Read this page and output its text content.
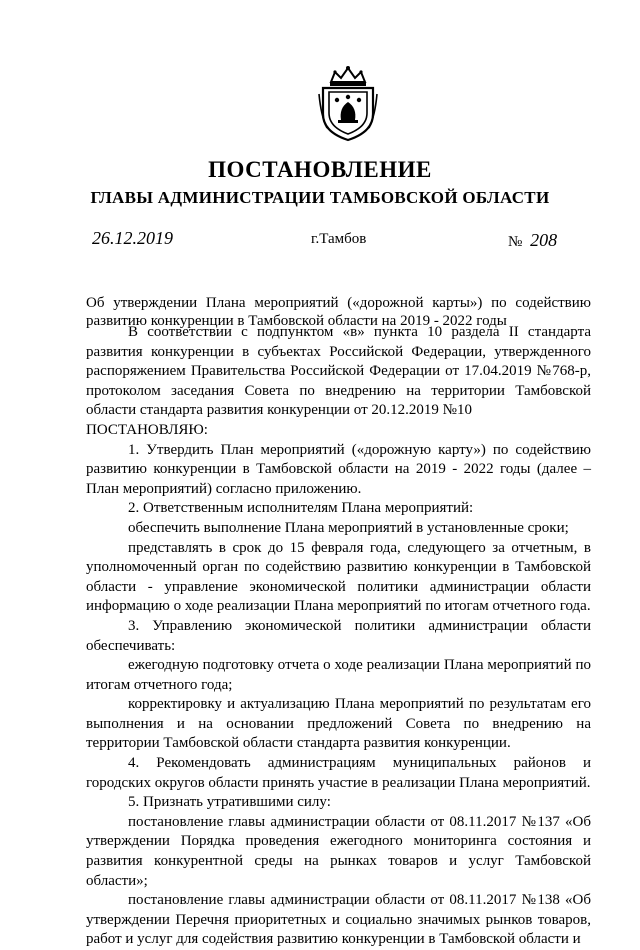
ПОСТАНОВЛЕНИЕ
ГЛАВЫ АДМИНИСТРАЦИИ ТАМБОВСКОЙ ОБЛАСТИ
26.12.2019	г.Тамбов	№ 208

Об утверждении Плана мероприятий («дорожной карты») по содействию развитию конкуренции в Тамбовской области на 2019 - 2022 годы

В соответствии с подпунктом «в» пункта 10 раздела II стандарта развития конкуренции в субъектах Российской Федерации, утвержденного распоряжением Правительства Российской Федерации от 17.04.2019 №768-р, протоколом заседания Совета по внедрению на территории Тамбовской области стандарта развития конкуренции от 20.12.2019 №10

ПОСТАНОВЛЯЮ:

1. Утвердить План мероприятий («дорожную карту») по содействию развитию конкуренции в Тамбовской области на 2019 - 2022 годы (далее – План мероприятий) согласно приложению.

2. Ответственным исполнителям Плана мероприятий:

обеспечить выполнение Плана мероприятий в установленные сроки;

представлять в срок до 15 февраля года, следующего за отчетным, в уполномоченный орган по содействию развитию конкуренции в Тамбовской области - управление экономической политики администрации области информацию о ходе реализации Плана мероприятий по итогам отчетного года.

3. Управлению экономической политики администрации области обеспечивать:

ежегодную подготовку отчета о ходе реализации Плана мероприятий по итогам отчетного года;

корректировку и актуализацию Плана мероприятий по результатам его выполнения и на основании предложений Совета по внедрению на территории Тамбовской области стандарта развития конкуренции.

4. Рекомендовать администрациям муниципальных районов и городских округов области принять участие в реализации Плана мероприятий.

5. Признать утратившими силу:

постановление главы администрации области от 08.11.2017 №137 «Об утверждении Порядка проведения ежегодного мониторинга состояния и развития конкурентной среды на рынках товаров и услуг Тамбовской области»;

постановление главы администрации области от 08.11.2017 №138 «Об утверждении Перечня приоритетных и социально значимых рынков товаров, работ и услуг для содействия развитию конкуренции в Тамбовской области и
